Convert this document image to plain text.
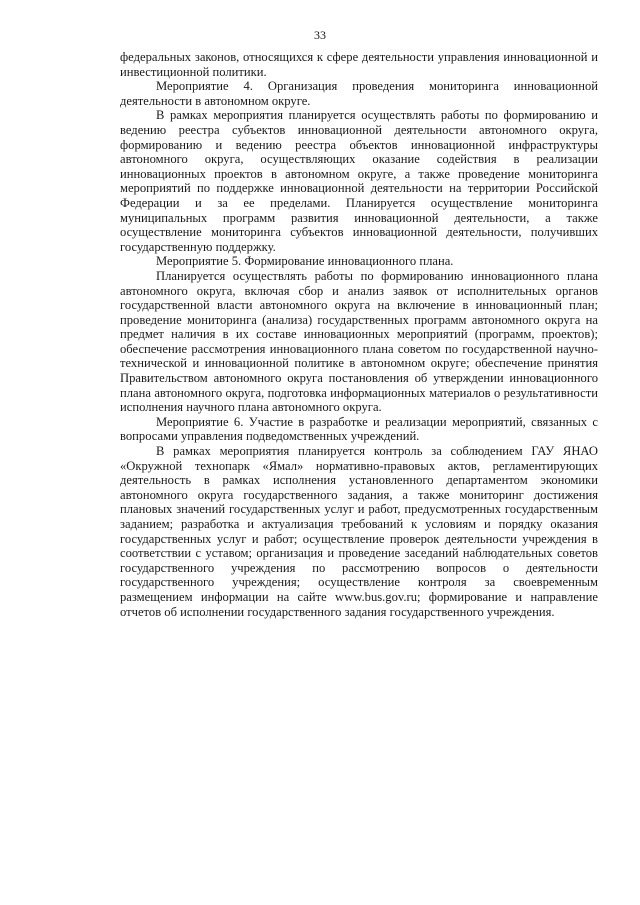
33

федеральных законов, относящихся к сфере деятельности управления инновационной и инвестиционной политики.

Мероприятие 4. Организация проведения мониторинга инновационной деятельности в автономном округе.

В рамках мероприятия планируется осуществлять работы по формированию и ведению реестра субъектов инновационной деятельности автономного округа, формированию и ведению реестра объектов инновационной инфраструктуры автономного округа, осуществляющих оказание содействия в реализации инновационных проектов в автономном округе, а также проведение мониторинга мероприятий по поддержке инновационной деятельности на территории Российской Федерации и за ее пределами. Планируется осуществление мониторинга муниципальных программ развития инновационной деятельности, а также осуществление мониторинга субъектов инновационной деятельности, получивших государственную поддержку.

Мероприятие 5. Формирование инновационного плана.

Планируется осуществлять работы по формированию инновационного плана автономного округа, включая сбор и анализ заявок от исполнительных органов государственной власти автономного округа на включение в инновационный план; проведение мониторинга (анализа) государственных программ автономного округа на предмет наличия в их составе инновационных мероприятий (программ, проектов); обеспечение рассмотрения инновационного плана советом по государственной научно-технической и инновационной политике в автономном округе; обеспечение принятия Правительством автономного округа постановления об утверждении инновационного плана автономного округа, подготовка информационных материалов о результативности исполнения научного плана автономного округа.

Мероприятие 6. Участие в разработке и реализации мероприятий, связанных с вопросами управления подведомственных учреждений.

В рамках мероприятия планируется контроль за соблюдением ГАУ ЯНАО «Окружной технопарк «Ямал» нормативно-правовых актов, регламентирующих деятельность в рамках исполнения установленного департаментом экономики автономного округа государственного задания, а также мониторинг достижения плановых значений государственных услуг и работ, предусмотренных государственным заданием; разработка и актуализация требований к условиям и порядку оказания государственных услуг и работ; осуществление проверок деятельности учреждения в соответствии с уставом; организация и проведение заседаний наблюдательных советов государственного учреждения по рассмотрению вопросов о деятельности государственного учреждения; осуществление контроля за своевременным размещением информации на сайте www.bus.gov.ru; формирование и направление отчетов об исполнении государственного задания государственного учреждения.
